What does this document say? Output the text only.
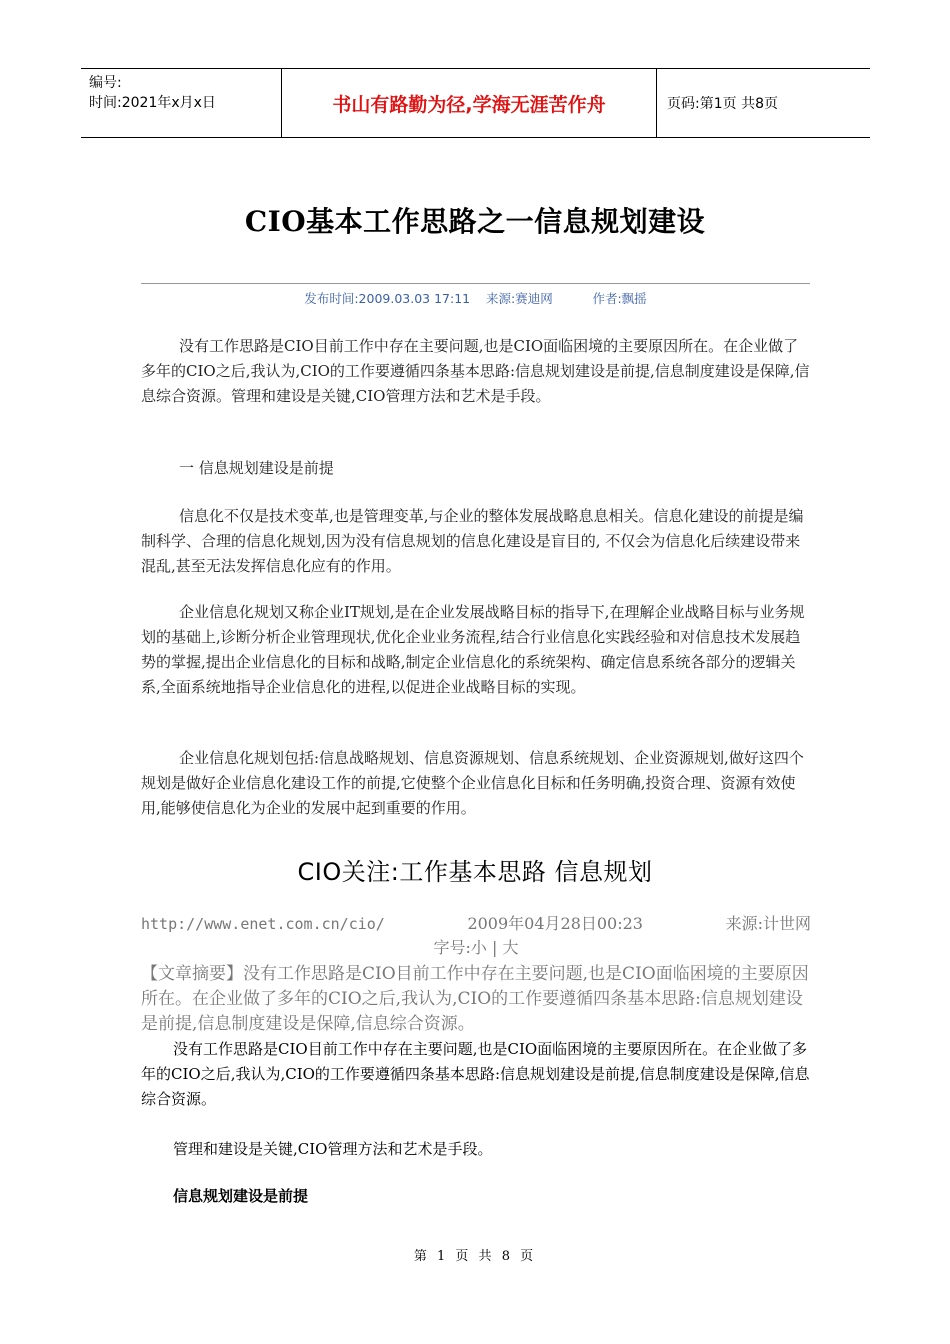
编号:
时间:2021年x月x日	书山有路勤为径,学海无涯苦作舟	页码:第1页 共8页
CIO基本工作思路之一信息规划建设
发布时间:2009.03.03 17:11    来源:赛迪网          作者:飘摇

没有工作思路是CIO目前工作中存在主要问题,也是CIO面临困境的主要原因所在。在企业做了多年的CIO之后,我认为,CIO的工作要遵循四条基本思路:信息规划建设是前提,信息制度建设是保障,信息综合资源。管理和建设是关键,CIO管理方法和艺术是手段。

一 信息规划建设是前提

信息化不仅是技术变革,也是管理变革,与企业的整体发展战略息息相关。信息化建设的前提是编制科学、合理的信息化规划,因为没有信息规划的信息化建设是盲目的, 不仅会为信息化后续建设带来混乱,甚至无法发挥信息化应有的作用。

企业信息化规划又称企业IT规划,是在企业发展战略目标的指导下,在理解企业战略目标与业务规划的基础上,诊断分析企业管理现状,优化企业业务流程,结合行业信息化实践经验和对信息技术发展趋势的掌握,提出企业信息化的目标和战略,制定企业信息化的系统架构、确定信息系统各部分的逻辑关系,全面系统地指导企业信息化的进程,以促进企业战略目标的实现。

企业信息化规划包括:信息战略规划、信息资源规划、信息系统规划、企业资源规划,做好这四个规划是做好企业信息化建设工作的前提,它使整个企业信息化目标和任务明确,投资合理、资源有效使用,能够使信息化为企业的发展中起到重要的作用。

CIO关注:工作基本思路 信息规划
http://www.enet.com.cn/cio/	2009年04月28日00:23	来源:计世网
字号:小 | 大
【文章摘要】没有工作思路是CIO目前工作中存在主要问题,也是CIO面临困境的主要原因所在。在企业做了多年的CIO之后,我认为,CIO的工作要遵循四条基本思路:信息规划建设是前提,信息制度建设是保障,信息综合资源。

没有工作思路是CIO目前工作中存在主要问题,也是CIO面临困境的主要原因所在。在企业做了多年的CIO之后,我认为,CIO的工作要遵循四条基本思路:信息规划建设是前提,信息制度建设是保障,信息综合资源。

管理和建设是关键,CIO管理方法和艺术是手段。

信息规划建设是前提
第 1 页 共 8 页
